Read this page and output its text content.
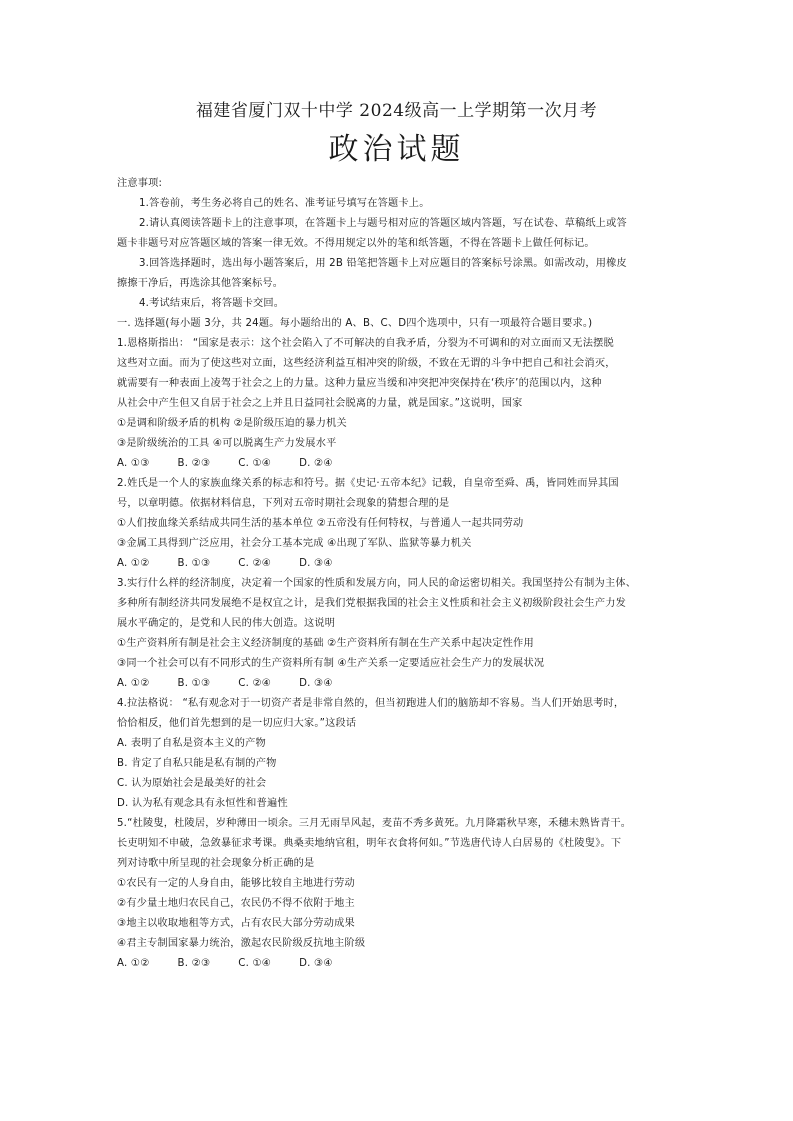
福建省厦门双十中学 2024级高一上学期第一次月考
政治试题
注意事项:
1.答卷前，考生务必将自己的姓名、准考证号填写在答题卡上。
2.请认真阅读答题卡上的注意事项，在答题卡上与题号相对应的答题区域内答题，写在试卷、草稿纸上或答
题卡非题号对应答题区域的答案一律无效。不得用规定以外的笔和纸答题，不得在答题卡上做任何标记。
3.回答选择题时，选出每小题答案后，用 2B 铅笔把答题卡上对应题目的答案标号涂黑。如需改动，用橡皮
擦擦干净后，再选涂其他答案标号。
4.考试结束后，将答题卡交回。
一. 选择题(每小题 3分，共 24题。每小题给出的 A、B、C、D四个选项中，只有一项最符合题目要求。)
1.恩格斯指出： “国家是表示：这个社会陷入了不可解决的自我矛盾，分裂为不可调和的对立面而又无法摆脱
这些对立面。而为了使这些对立面，这些经济利益互相冲突的阶级，不致在无谓的斗争中把自己和社会消灭，
就需要有一种表面上凌驾于社会之上的力量。这种力量应当缓和冲突把冲突保持在‘秩序’的范围以内，这种
从社会中产生但又自居于社会之上并且日益同社会脱离的力量，就是国家。”这说明，国家
①是调和阶级矛盾的机构 ②是阶级压迫的暴力机关
③是阶级统治的工具 ④可以脱离生产力发展水平
A. ①③	B. ②③	C. ①④	D. ②④
2.姓氏是一个人的家族血缘关系的标志和符号。据《史记·五帝本纪》记载，自皇帝至舜、禹，皆同姓而异其国
号，以章明德。依据材料信息，下列对五帝时期社会现象的猜想合理的是
①人们按血缘关系结成共同生活的基本单位 ②五帝没有任何特权，与普通人一起共同劳动
③金属工具得到广泛应用，社会分工基本完成 ④出现了军队、监狱等暴力机关
A. ①②	B. ①③	C. ②④	D. ③④
3.实行什么样的经济制度，决定着一个国家的性质和发展方向，同人民的命运密切相关。我国坚持公有制为主体、
多种所有制经济共同发展绝不是权宜之计，是我们党根据我国的社会主义性质和社会主义初级阶段社会生产力发
展水平确定的，是党和人民的伟大创造。这说明
①生产资料所有制是社会主义经济制度的基础 ②生产资料所有制在生产关系中起决定性作用
③同一个社会可以有不同形式的生产资料所有制 ④生产关系一定要适应社会生产力的发展状况
A. ①②	B. ①③	C. ②④	D. ③④
4.拉法格说： “私有观念对于一切资产者是非常自然的，但当初跑进人们的脑筋却不容易。当人们开始思考时，
恰恰相反，他们首先想到的是一切应归大家。”这段话
A. 表明了自私是资本主义的产物
B. 肯定了自私只能是私有制的产物
C. 认为原始社会是最美好的社会
D. 认为私有观念具有永恒性和普遍性
5.“杜陵叟，杜陵居，岁种薄田一顷余。三月无雨旱风起，麦苗不秀多黄死。九月降霜秋早寒，禾穗未熟皆青干。
长吏明知不申破，急敛暴征求考课。典桑卖地纳官租，明年衣食将何如。”节选唐代诗人白居易的《杜陵叟》。下
列对诗歌中所呈现的社会现象分析正确的是
①农民有一定的人身自由，能够比较自主地进行劳动
②有少量土地归农民自己，农民仍不得不依附于地主
③地主以收取地租等方式，占有农民大部分劳动成果
④君主专制国家暴力统治，激起农民阶级反抗地主阶级
A. ①②	B. ②③	C. ①④	D. ③④
